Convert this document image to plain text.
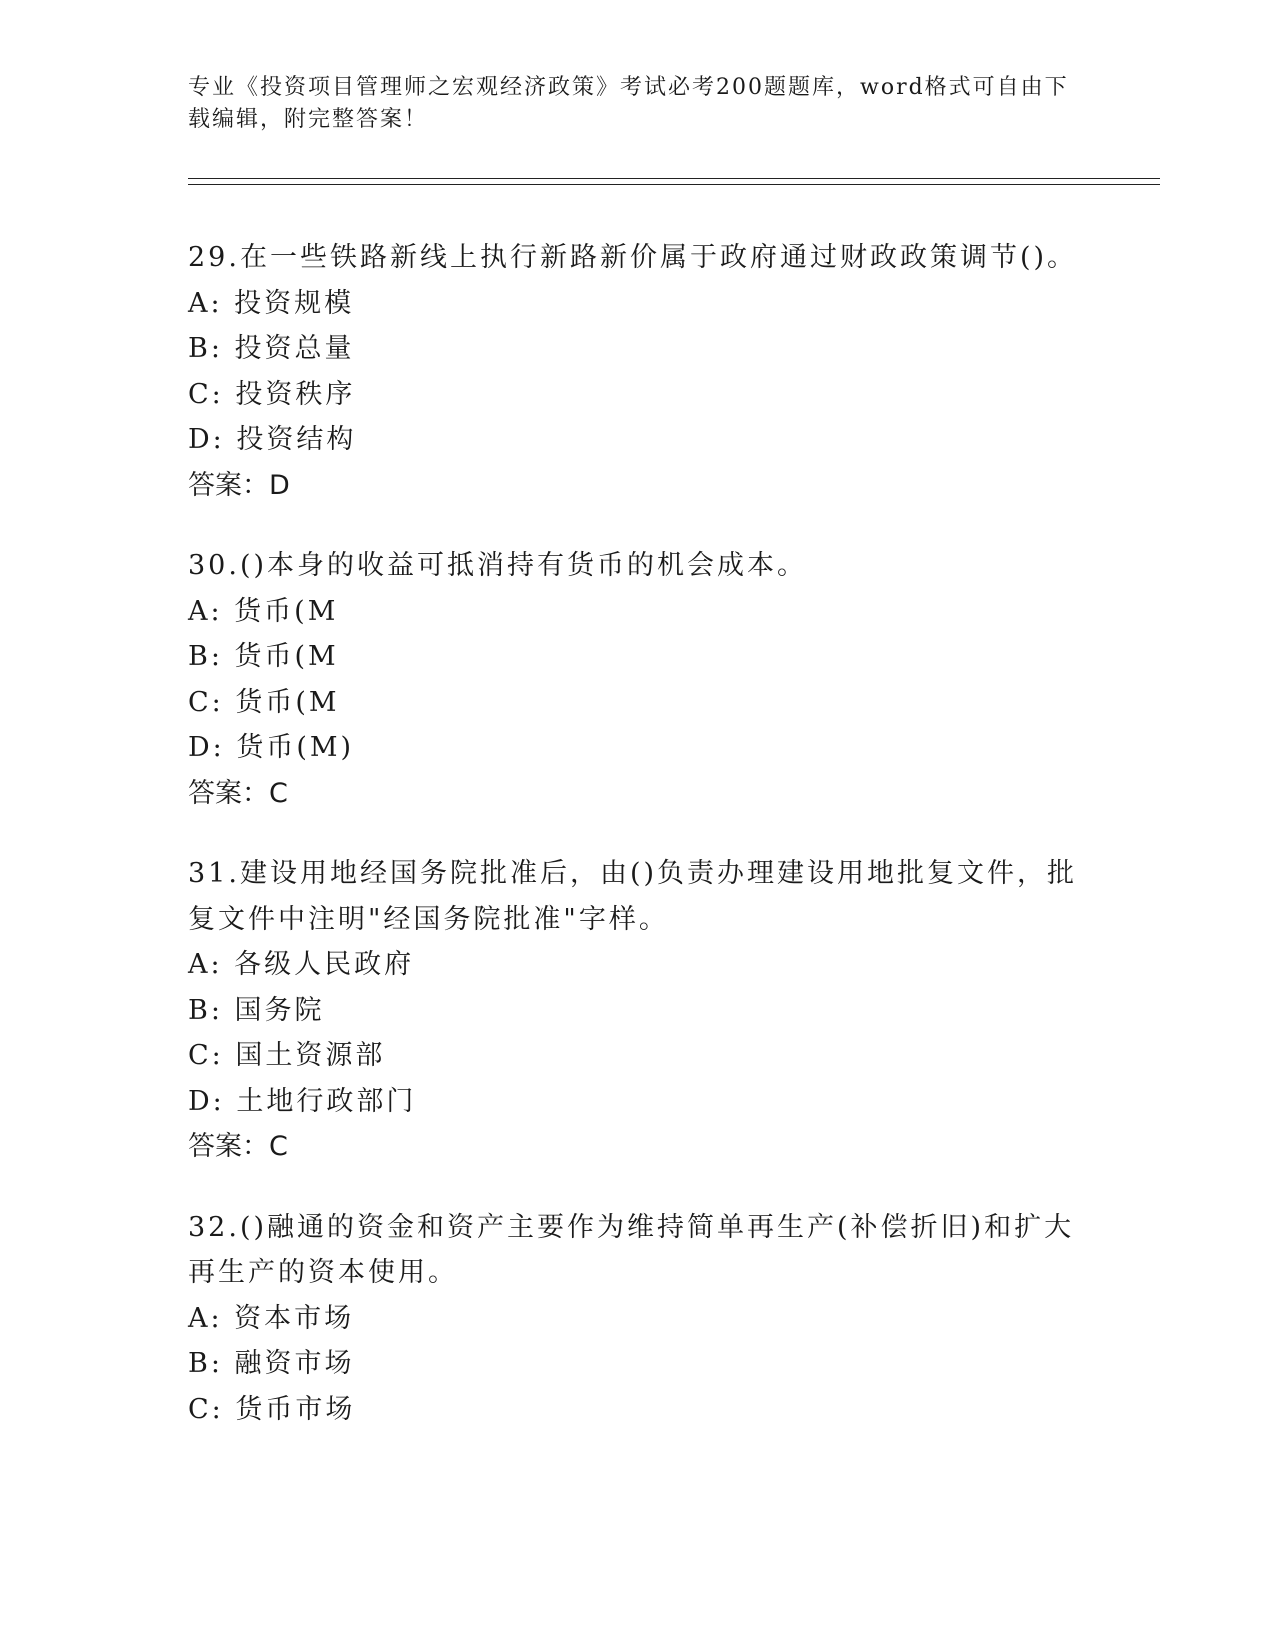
专业《投资项目管理师之宏观经济政策》考试必考200题题库，word格式可自由下载编辑，附完整答案！
29.在一些铁路新线上执行新路新价属于政府通过财政政策调节()。
A: 投资规模
B: 投资总量
C: 投资秩序
D: 投资结构
答案：D
30.()本身的收益可抵消持有货币的机会成本。
A: 货币(M
B: 货币(M
C: 货币(M
D: 货币(M)
答案：C
31.建设用地经国务院批准后，由()负责办理建设用地批复文件，批复文件中注明"经国务院批准"字样。
A: 各级人民政府
B: 国务院
C: 国土资源部
D: 土地行政部门
答案：C
32.()融通的资金和资产主要作为维持简单再生产(补偿折旧)和扩大再生产的资本使用。
A: 资本市场
B: 融资市场
C: 货币市场
